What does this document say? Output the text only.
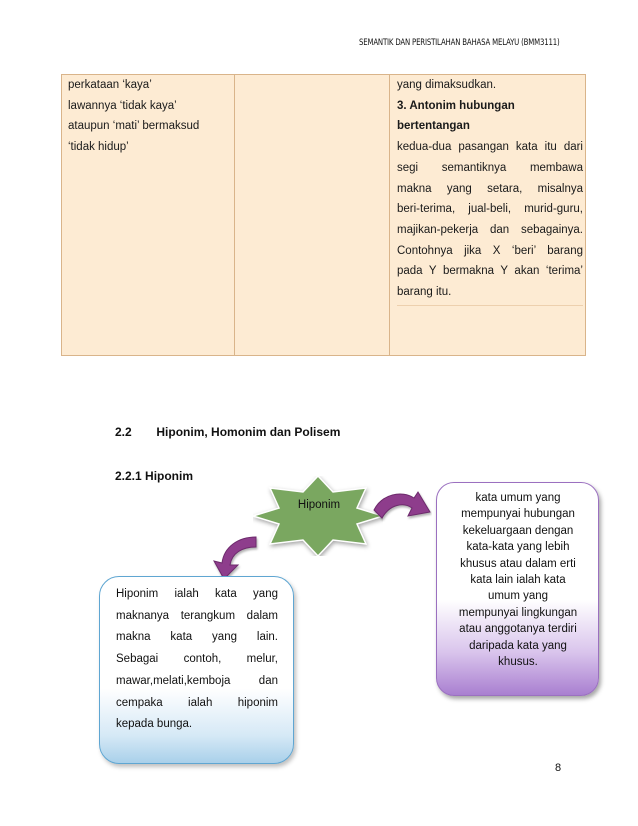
SEMANTIK DAN PERISTILAHAN BAHASA MELAYU (BMM3111)
perkataan ‘kaya’
lawannya ‘tidak kaya’
ataupun ‘mati’ bermaksud
‘tidak hidup’
yang dimaksudkan.
3. Antonim hubungan
bertentangan
kedua-dua pasangan kata itu dari
segi semantiknya membawa
makna yang setara, misalnya
beri-terima, jual-beli, murid-guru,
majikan-pekerja dan sebagainya.
Contohnya jika X ‘beri’ barang
pada Y bermakna Y akan ‘terima’
barang itu.
2.2 Hiponim, Homonim dan Polisem
2.2.1 Hiponim
Hiponim
kata umum yang
mempunyai hubungan
kekeluargaan dengan
kata-kata yang lebih
khusus atau dalam erti
kata lain ialah kata
umum yang
mempunyai lingkungan
atau anggotanya terdiri
daripada kata yang
khusus.
Hiponim ialah kata yang
maknanya terangkum dalam
makna kata yang lain.
Sebagai contoh, melur,
mawar,melati,kemboja dan
cempaka ialah hiponim
kepada bunga.
8
